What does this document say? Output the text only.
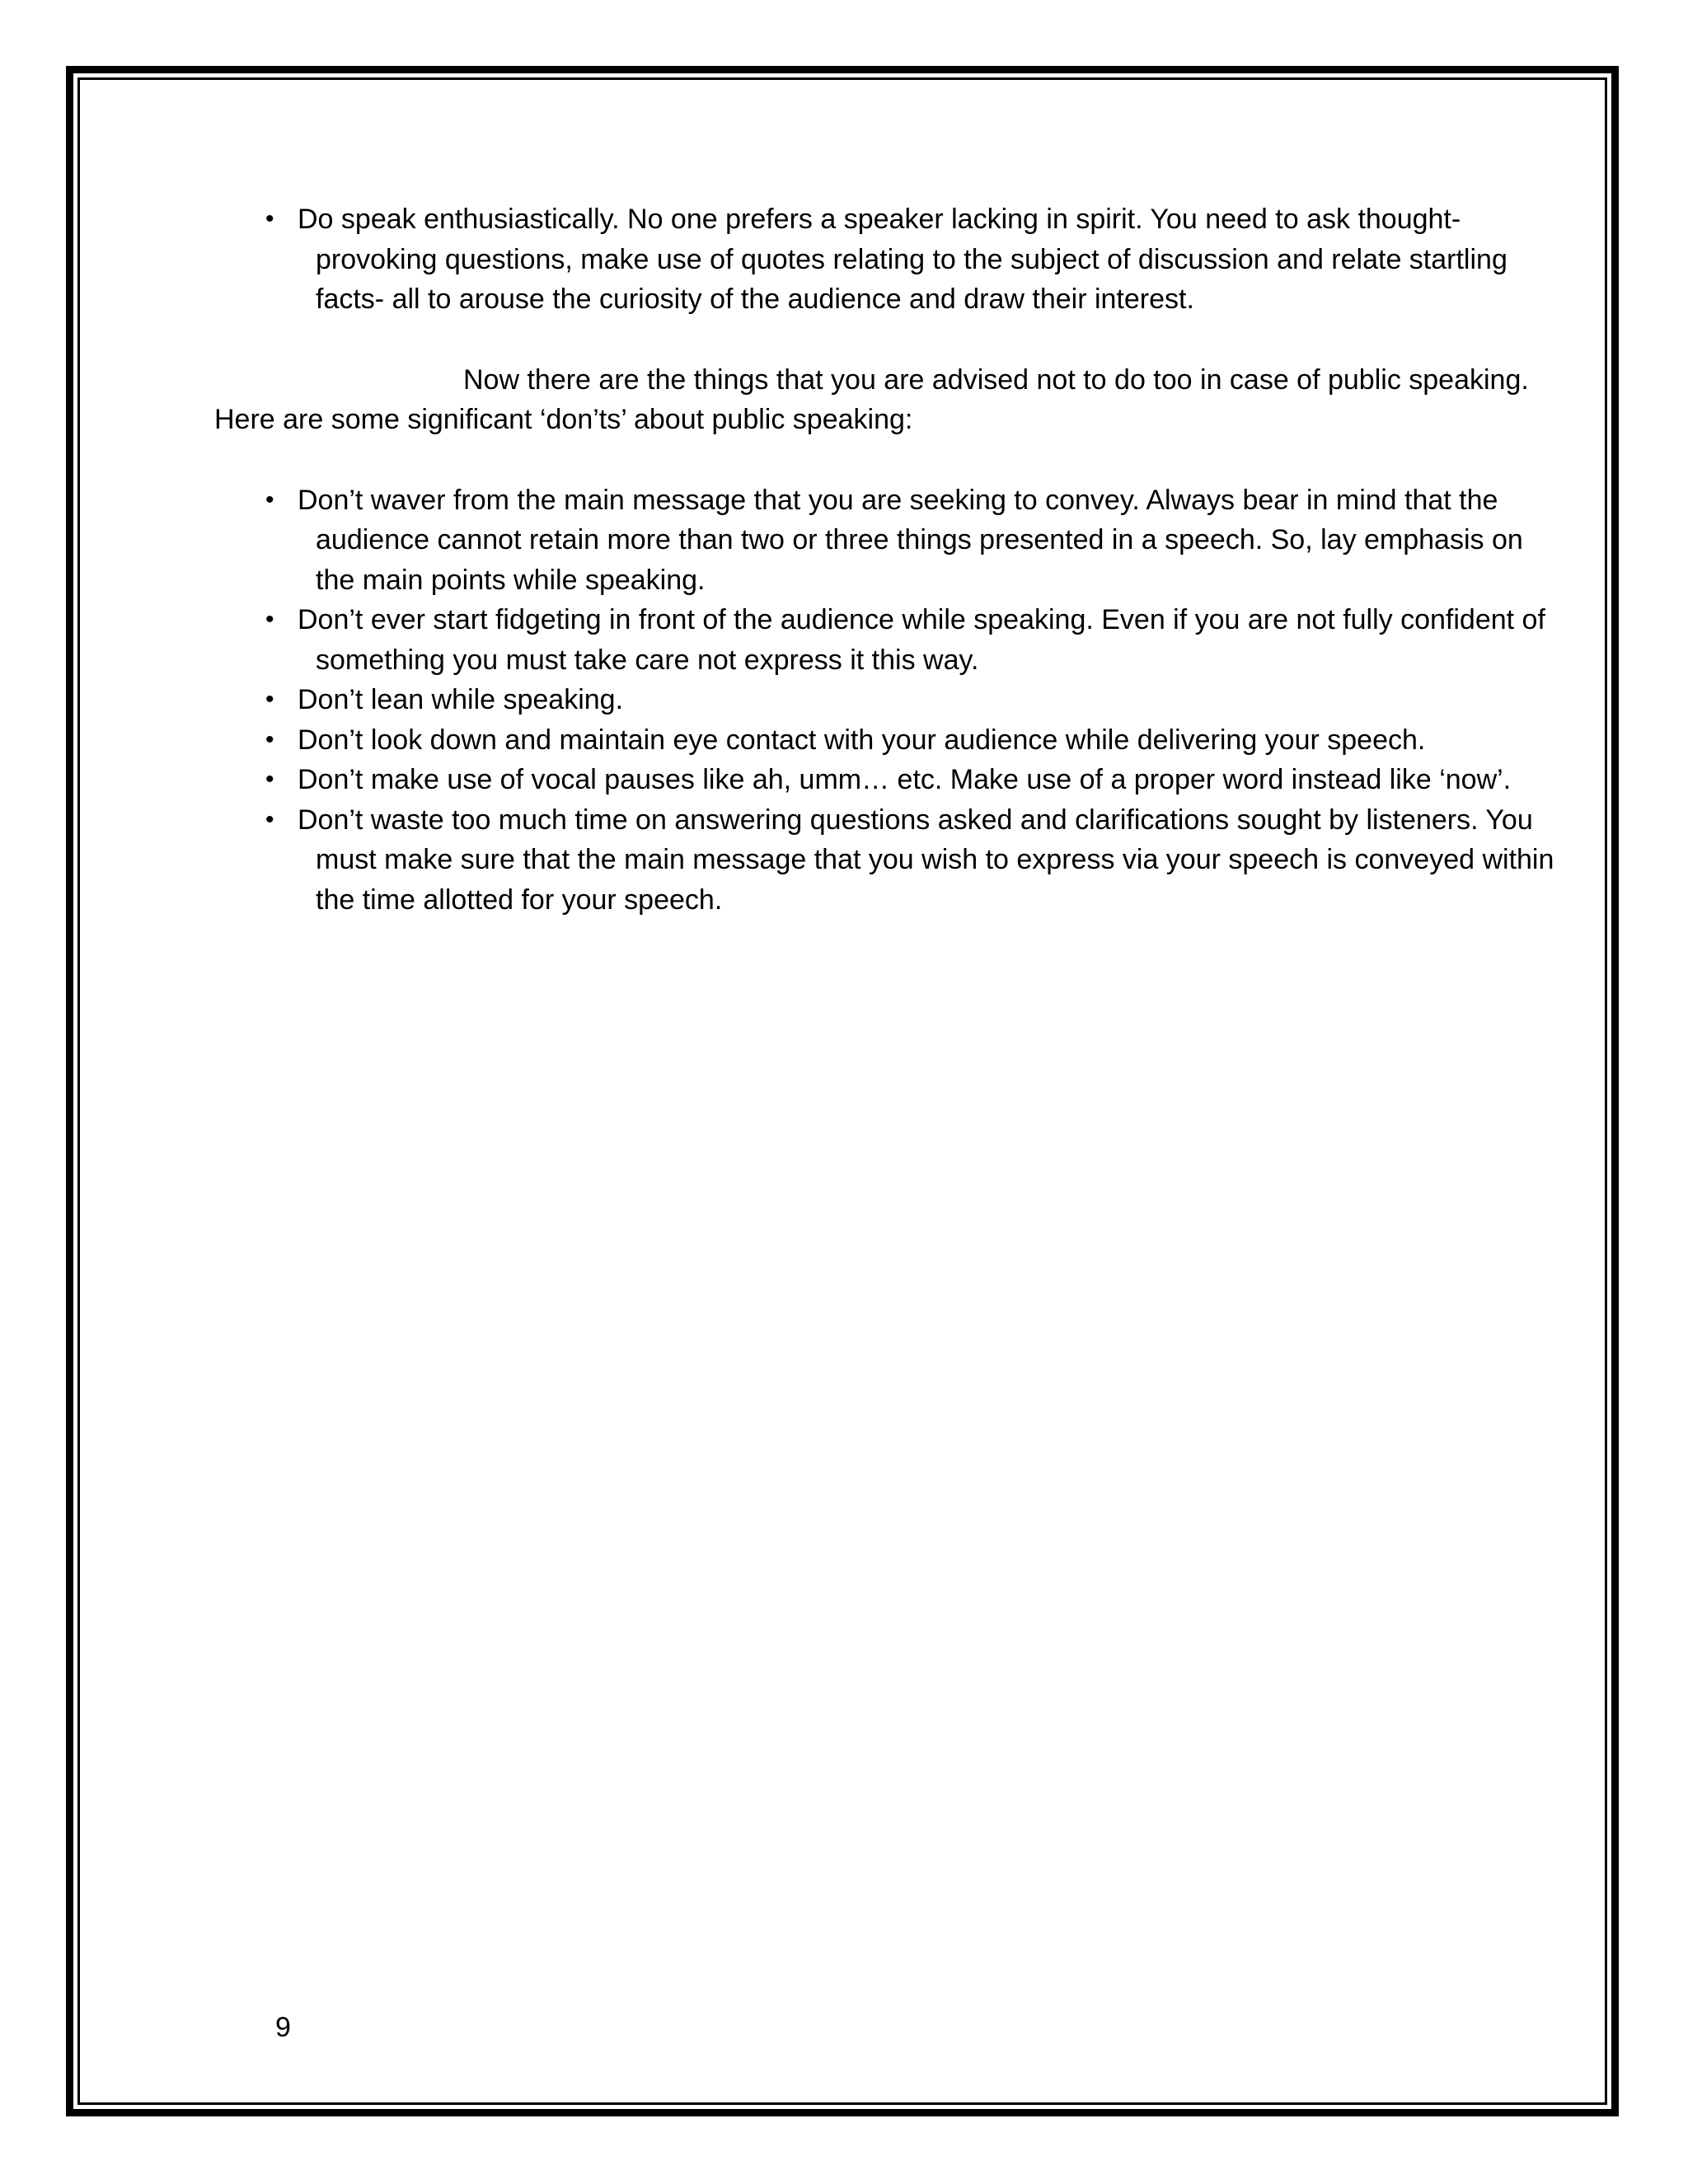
• Do speak enthusiastically. No one prefers a speaker lacking in spirit. You need to ask thought-provoking questions, make use of quotes relating to the subject of discussion and relate startling facts- all to arouse the curiosity of the audience and draw their interest.

Now there are the things that you are advised not to do too in case of public speaking. Here are some significant ‘don’ts’ about public speaking:

• Don’t waver from the main message that you are seeking to convey. Always bear in mind that the audience cannot retain more than two or three things presented in a speech. So, lay emphasis on the main points while speaking.
• Don’t ever start fidgeting in front of the audience while speaking. Even if you are not fully confident of something you must take care not express it this way.
• Don’t lean while speaking.
• Don’t look down and maintain eye contact with your audience while delivering your speech.
• Don’t make use of vocal pauses like ah, umm… etc. Make use of a proper word instead like ‘now’.
• Don’t waste too much time on answering questions asked and clarifications sought by listeners. You must make sure that the main message that you wish to express via your speech is conveyed within the time allotted for your speech.
9
